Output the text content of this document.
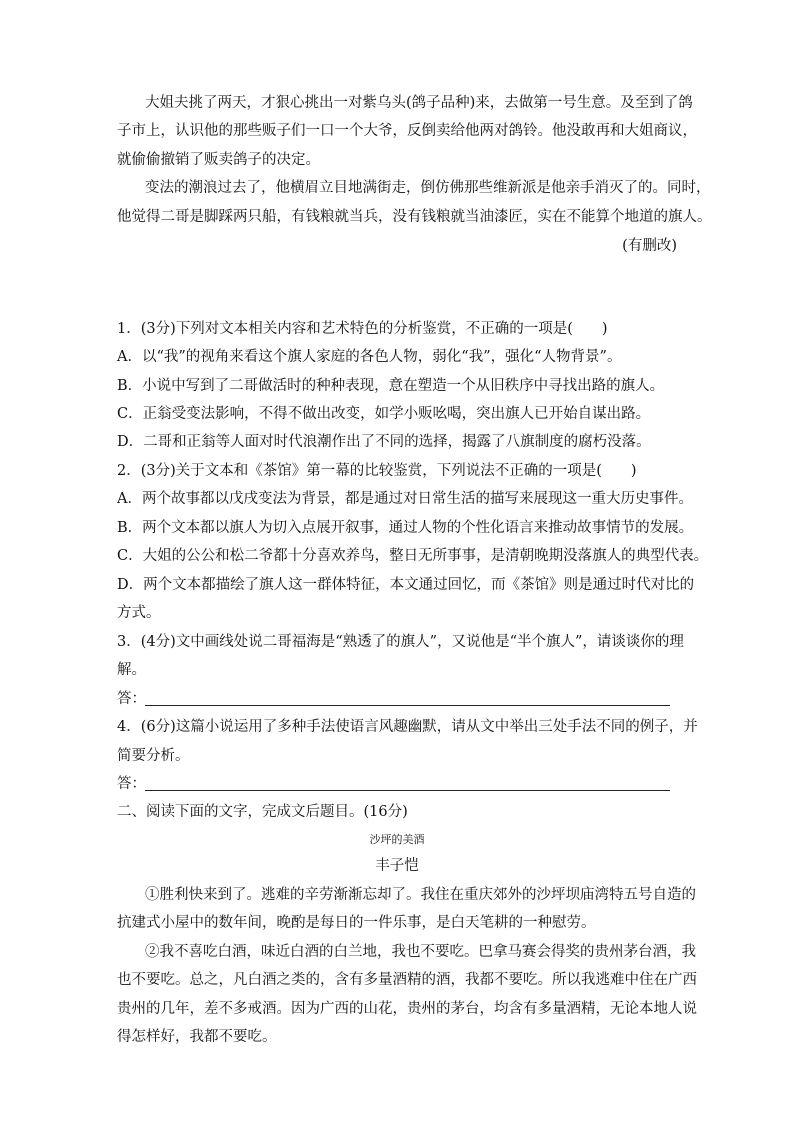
大姐夫挑了两天，才狠心挑出一对紫乌头(鸽子品种)来，去做第一号生意。及至到了鸽
子市上，认识他的那些贩子们一口一个大爷，反倒卖给他两对鸽铃。他没敢再和大姐商议，
就偷偷撤销了贩卖鸽子的决定。
变法的潮浪过去了，他横眉立目地满街走，倒仿佛那些维新派是他亲手消灭了的。同时，
他觉得二哥是脚踩两只船，有钱粮就当兵，没有钱粮就当油漆匠，实在不能算个地道的旗人。
(有删改)
1．(3分)下列对文本相关内容和艺术特色的分析鉴赏，不正确的一项是(　　)
A．以“我”的视角来看这个旗人家庭的各色人物，弱化“我”，强化“人物背景”。
B．小说中写到了二哥做活时的种种表现，意在塑造一个从旧秩序中寻找出路的旗人。
C．正翁受变法影响，不得不做出改变，如学小贩吆喝，突出旗人已开始自谋出路。
D．二哥和正翁等人面对时代浪潮作出了不同的选择，揭露了八旗制度的腐朽没落。
2．(3分)关于文本和《茶馆》第一幕的比较鉴赏，下列说法不正确的一项是(　　)
A．两个故事都以戊戌变法为背景，都是通过对日常生活的描写来展现这一重大历史事件。
B．两个文本都以旗人为切入点展开叙事，通过人物的个性化语言来推动故事情节的发展。
C．大姐的公公和松二爷都十分喜欢养鸟，整日无所事事，是清朝晚期没落旗人的典型代表。
D．两个文本都描绘了旗人这一群体特征，本文通过回忆，而《茶馆》则是通过时代对比的
方式。
3．(4分)文中画线处说二哥福海是“熟透了的旗人”，又说他是“半个旗人”，请谈谈你的理
解。
答：
4．(6分)这篇小说运用了多种手法使语言风趣幽默，请从文中举出三处手法不同的例子，并
简要分析。
答：
二、阅读下面的文字，完成文后题目。(16分)
沙坪的美酒
丰子恺
①胜利快来到了。逃难的辛劳渐渐忘却了。我住在重庆郊外的沙坪坝庙湾特五号自造的
抗建式小屋中的数年间，晚酌是每日的一件乐事，是白天笔耕的一种慰劳。
②我不喜吃白酒，味近白酒的白兰地，我也不要吃。巴拿马赛会得奖的贵州茅台酒，我
也不要吃。总之，凡白酒之类的，含有多量酒精的酒，我都不要吃。所以我逃难中住在广西
贵州的几年，差不多戒酒。因为广西的山花，贵州的茅台，均含有多量酒精，无论本地人说
得怎样好，我都不要吃。
